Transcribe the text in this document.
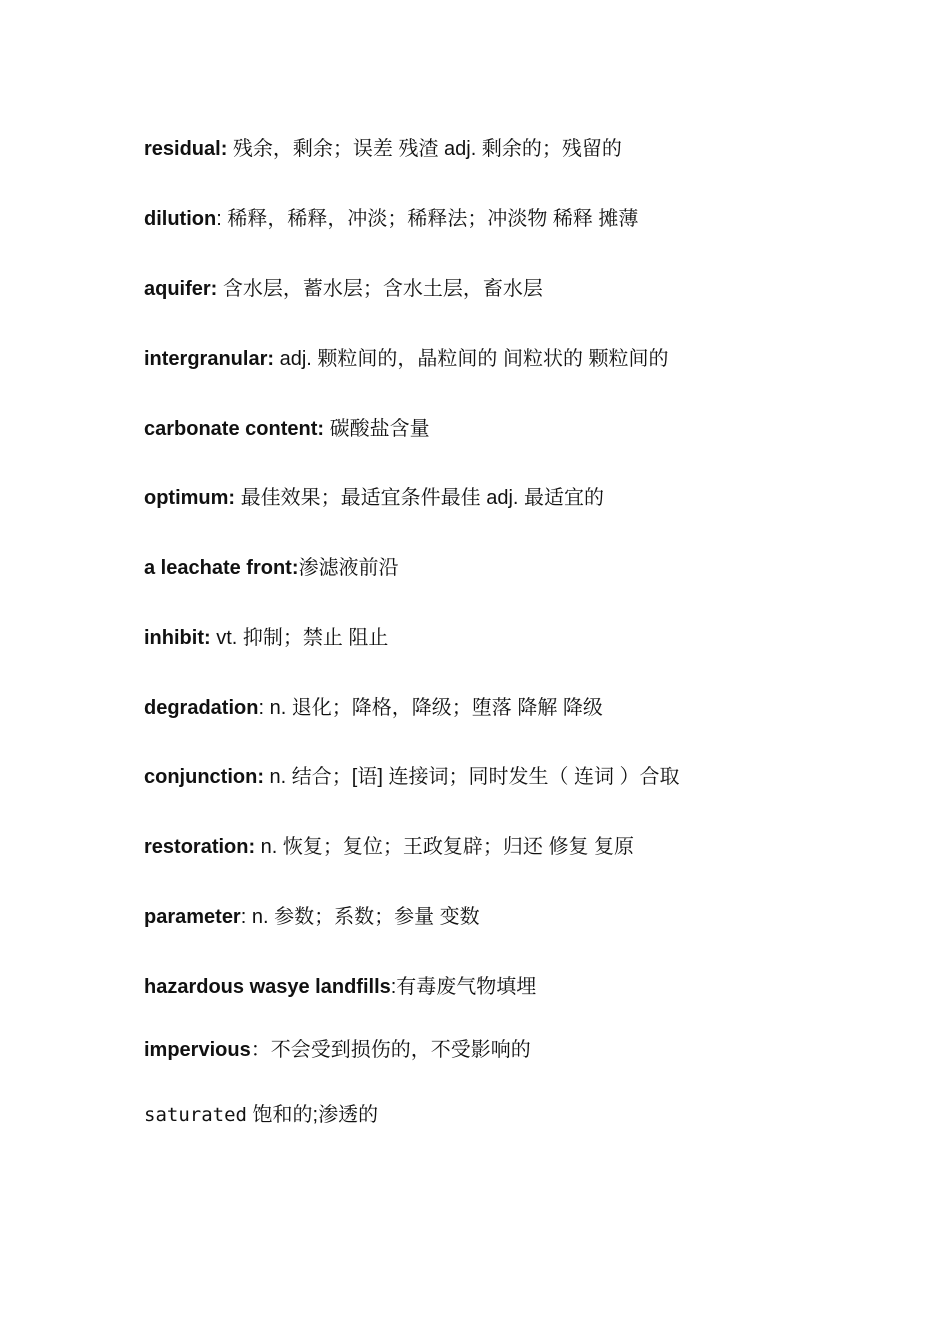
residual: 残余，剩余；误差 残渣 adj. 剩余的；残留的
dilution: 稀释，稀释，冲淡；稀释法；冲淡物 稀释 摊薄
aquifer: 含水层，蓄水层；含水土层，畜水层
intergranular: adj. 颗粒间的，晶粒间的 间粒状的 颗粒间的
carbonate content: 碳酸盐含量
optimum: 最佳效果；最适宜条件最佳 adj. 最适宜的
a leachate front:渗滤液前沿
inhibit: vt. 抑制；禁止 阻止
degradation: n. 退化；降格，降级；堕落 降解 降级
conjunction: n. 结合；[语] 连接词；同时发生（ 连词 ）合取
restoration: n. 恢复；复位；王政复辟；归还 修复 复原
parameter: n. 参数；系数；参量 变数
hazardous wasye landfills:有毒废气物填埋
impervious：不会受到损伤的，不受影响的
saturated 饱和的;渗透的
